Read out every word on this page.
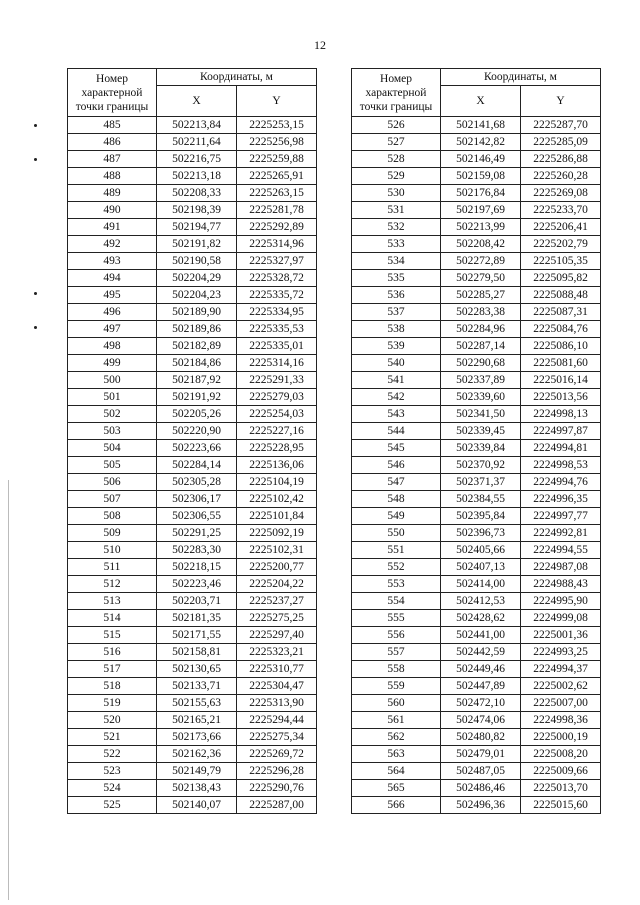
12
Номер характерной точки границы	Координаты, м	
	X	Y
485	502213,84	2225253,15
486	502211,64	2225256,98
487	502216,75	2225259,88
488	502213,18	2225265,91
489	502208,33	2225263,15
490	502198,39	2225281,78
491	502194,77	2225292,89
492	502191,82	2225314,96
493	502190,58	2225327,97
494	502204,29	2225328,72
495	502204,23	2225335,72
496	502189,90	2225334,95
497	502189,86	2225335,53
498	502182,89	2225335,01
499	502184,86	2225314,16
500	502187,92	2225291,33
501	502191,92	2225279,03
502	502205,26	2225254,03
503	502220,90	2225227,16
504	502223,66	2225228,95
505	502284,14	2225136,06
506	502305,28	2225104,19
507	502306,17	2225102,42
508	502306,55	2225101,84
509	502291,25	2225092,19
510	502283,30	2225102,31
511	502218,15	2225200,77
512	502223,46	2225204,22
513	502203,71	2225237,27
514	502181,35	2225275,25
515	502171,55	2225297,40
516	502158,81	2225323,21
517	502130,65	2225310,77
518	502133,71	2225304,47
519	502155,63	2225313,90
520	502165,21	2225294,44
521	502173,66	2225275,34
522	502162,36	2225269,72
523	502149,79	2225296,28
524	502138,43	2225290,76
525	502140,07	2225287,00
Номер характерной точки границы	Координаты, м	
	X	Y
526	502141,68	2225287,70
527	502142,82	2225285,09
528	502146,49	2225286,88
529	502159,08	2225260,28
530	502176,84	2225269,08
531	502197,69	2225233,70
532	502213,99	2225206,41
533	502208,42	2225202,79
534	502272,89	2225105,35
535	502279,50	2225095,82
536	502285,27	2225088,48
537	502283,38	2225087,31
538	502284,96	2225084,76
539	502287,14	2225086,10
540	502290,68	2225081,60
541	502337,89	2225016,14
542	502339,60	2225013,56
543	502341,50	2224998,13
544	502339,45	2224997,87
545	502339,84	2224994,81
546	502370,92	2224998,53
547	502371,37	2224994,76
548	502384,55	2224996,35
549	502395,84	2224997,77
550	502396,73	2224992,81
551	502405,66	2224994,55
552	502407,13	2224987,08
553	502414,00	2224988,43
554	502412,53	2224995,90
555	502428,62	2224999,08
556	502441,00	2225001,36
557	502442,59	2224993,25
558	502449,46	2224994,37
559	502447,89	2225002,62
560	502472,10	2225007,00
561	502474,06	2224998,36
562	502480,82	2225000,19
563	502479,01	2225008,20
564	502487,05	2225009,66
565	502486,46	2225013,70
566	502496,36	2225015,60
